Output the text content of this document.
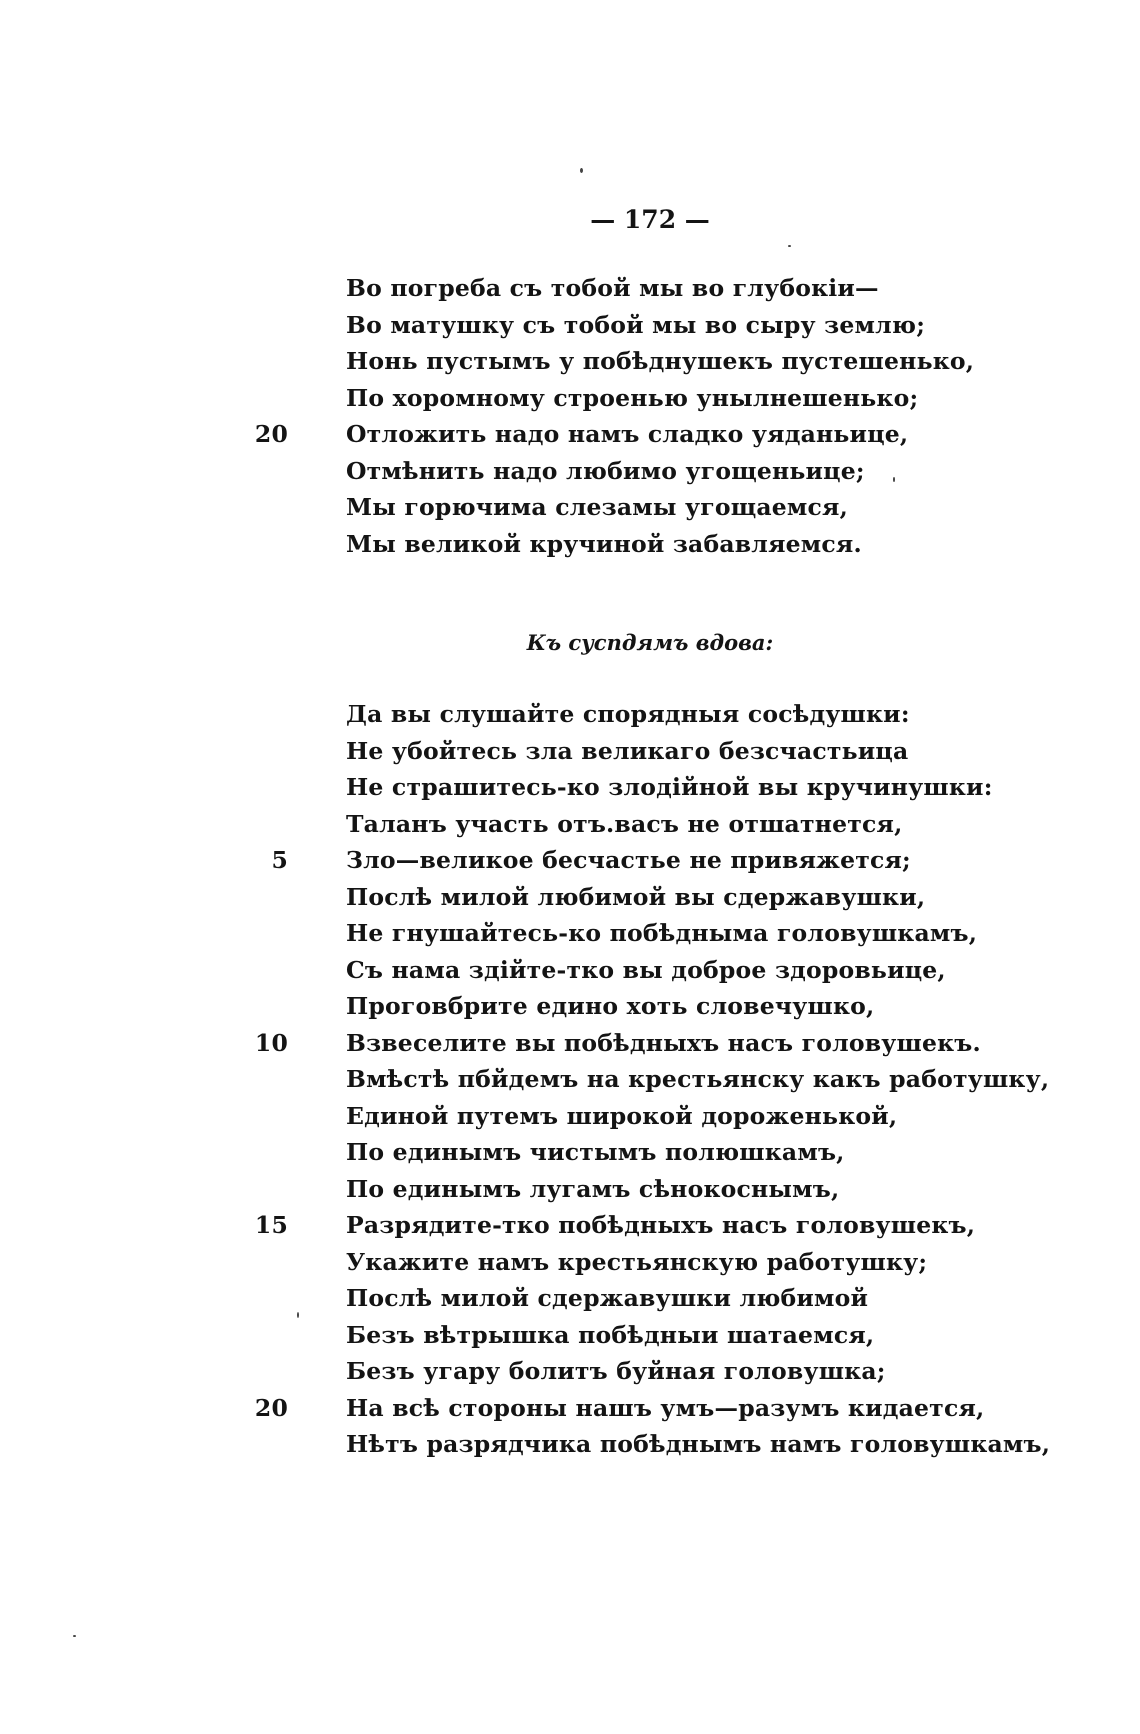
— 172 —
Во погреба съ тобой мы во глубокіи—
Во матушку съ тобой мы во сыру землю;
Нонь пустымъ у побѣднушекъ пустешенько,
По хоромному строенью унылнешенько;
20 Отложить надо намъ сладко уяданьице,
Отмѣнить надо любимо угощеньице;
Мы горючима слезамы угощаемся,
Мы великой кручиной забавляемся.
Къ суспдямъ вдова:
Да вы слушайте спорядныя сосѣдушки:
Не убойтесь зла великаго безсчастьица
Не страшитесь-ко злодійной вы кручинушки:
Таланъ участь отъ.васъ не отшатнется,
5 Зло—великое бесчастье не привяжется;
Послѣ милой любимой вы сдержавушки,
Не гнушайтесь-ко побѣдныма головушкамъ,
Съ нама здійте-тко вы доброе здоровьице,
Проговбрите едино хоть словечушко,
10 Взвеселите вы побѣдныхъ насъ головушекъ.
Вмѣстѣ пбйдемъ на крестьянску какъ работушку,
Единой путемъ широкой дороженькой,
По единымъ чистымъ полюшкамъ,
По единымъ лугамъ сѣнокоснымъ,
15 Разрядите-тко побѣдныхъ насъ головушекъ,
Укажите намъ крестьянскую работушку;
Послѣ милой сдержавушки любимой
Безъ вѣтрышка побѣдныи шатаемся,
Безъ угару болитъ буйная головушка;
20 На всѣ стороны нашъ умъ—разумъ кидается,
Нѣтъ разрядчика побѣднымъ намъ головушкамъ,
